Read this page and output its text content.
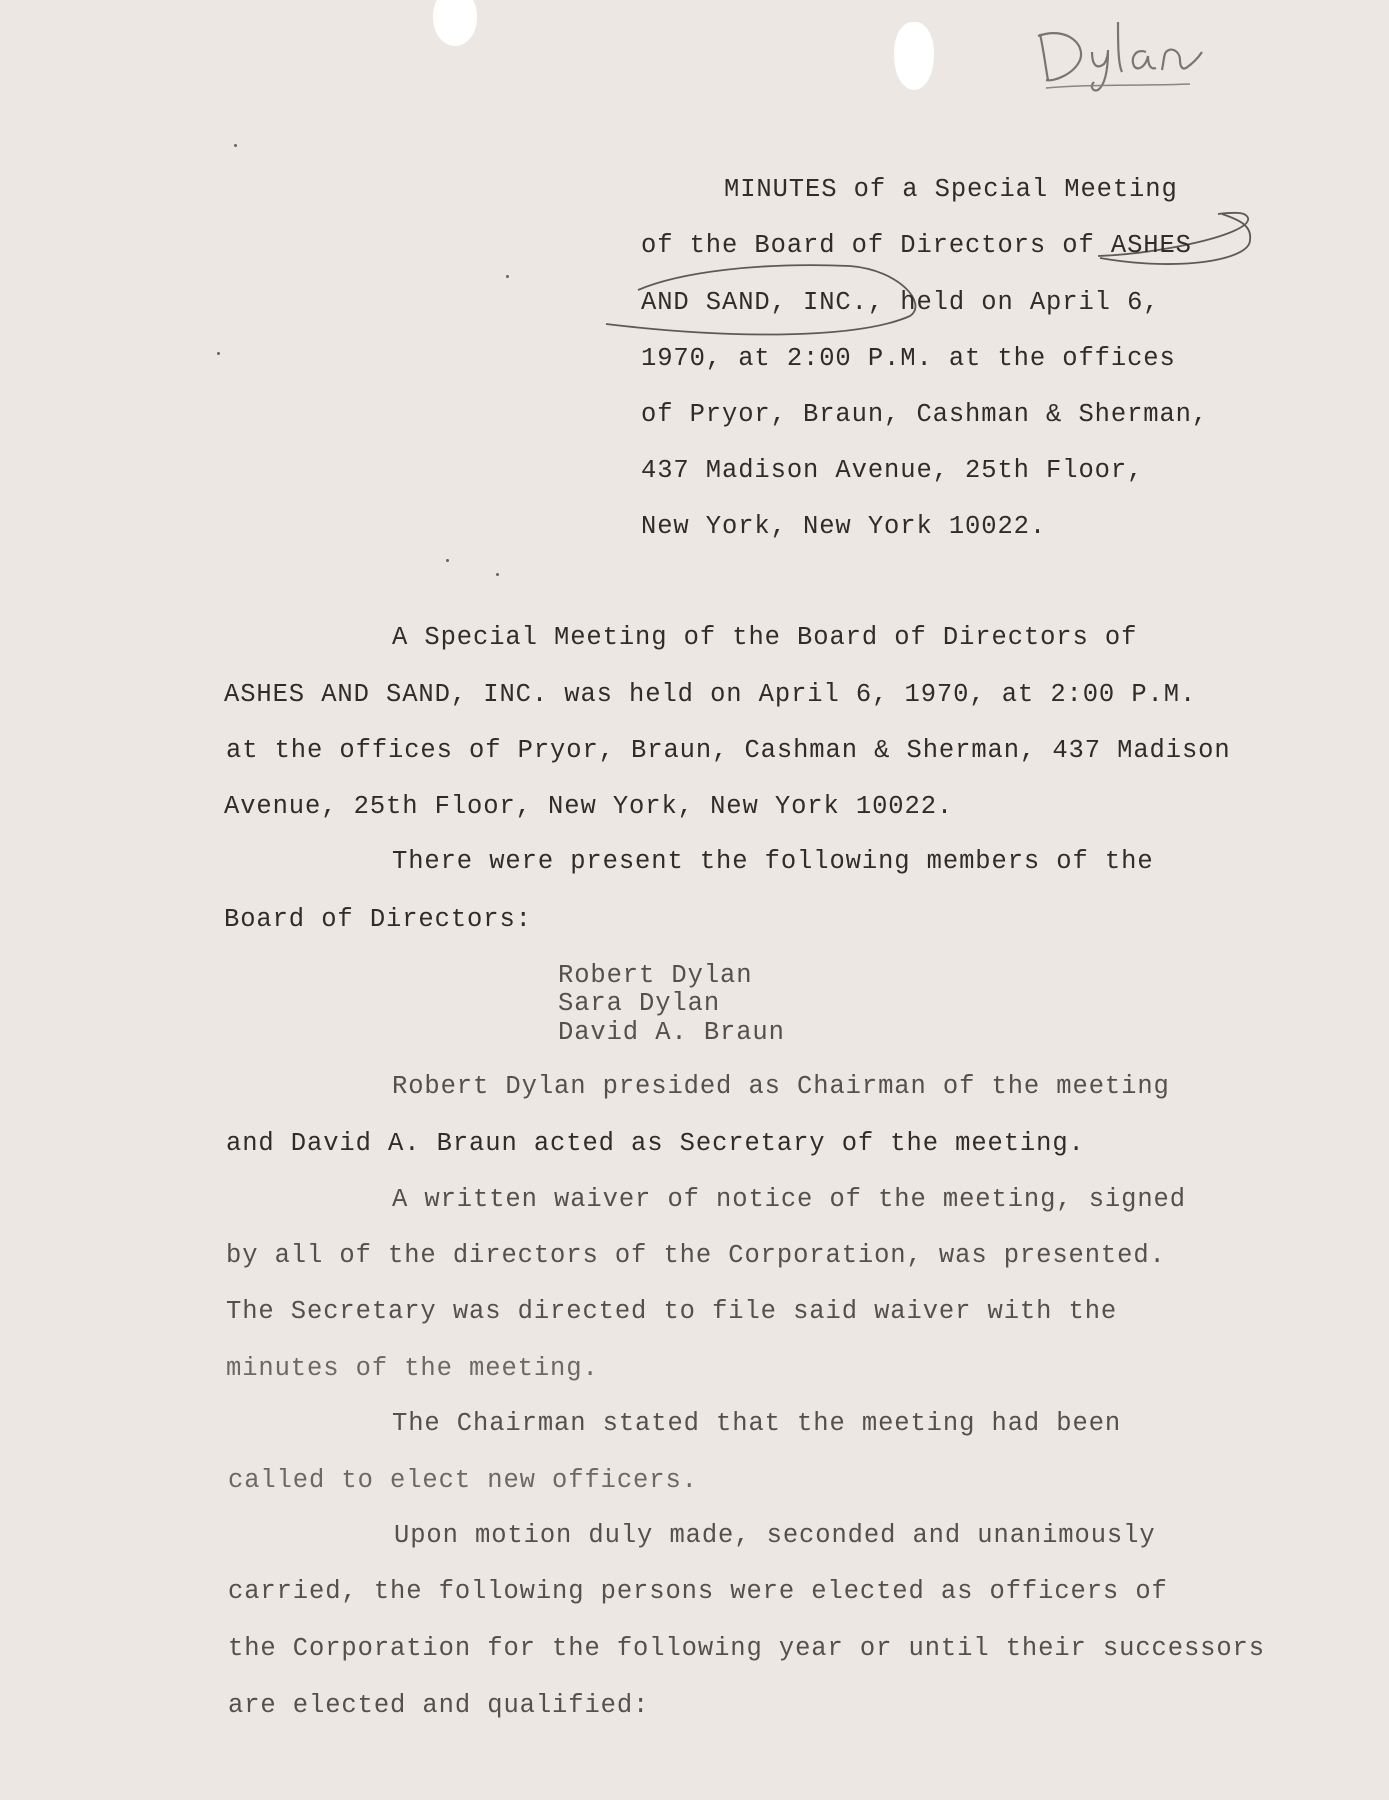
MINUTES of a Special Meeting
of the Board of Directors of ASHES
AND SAND, INC., held on April 6,
1970, at 2:00 P.M. at the offices
of Pryor, Braun, Cashman & Sherman,
437 Madison Avenue, 25th Floor,
New York, New York 10022.
A Special Meeting of the Board of Directors of
ASHES AND SAND, INC. was held on April 6, 1970, at 2:00 P.M.
at the offices of Pryor, Braun, Cashman & Sherman, 437 Madison
Avenue, 25th Floor, New York, New York 10022.
There were present the following members of the
Board of Directors:
Robert Dylan
Sara Dylan
David A. Braun
Robert Dylan presided as Chairman of the meeting
and David A. Braun acted as Secretary of the meeting.
A written waiver of notice of the meeting, signed
by all of the directors of the Corporation, was presented.
The Secretary was directed to file said waiver with the
minutes of the meeting.
The Chairman stated that the meeting had been
called to elect new officers.
Upon motion duly made, seconded and unanimously
carried, the following persons were elected as officers of
the Corporation for the following year or until their successors
are elected and qualified:
